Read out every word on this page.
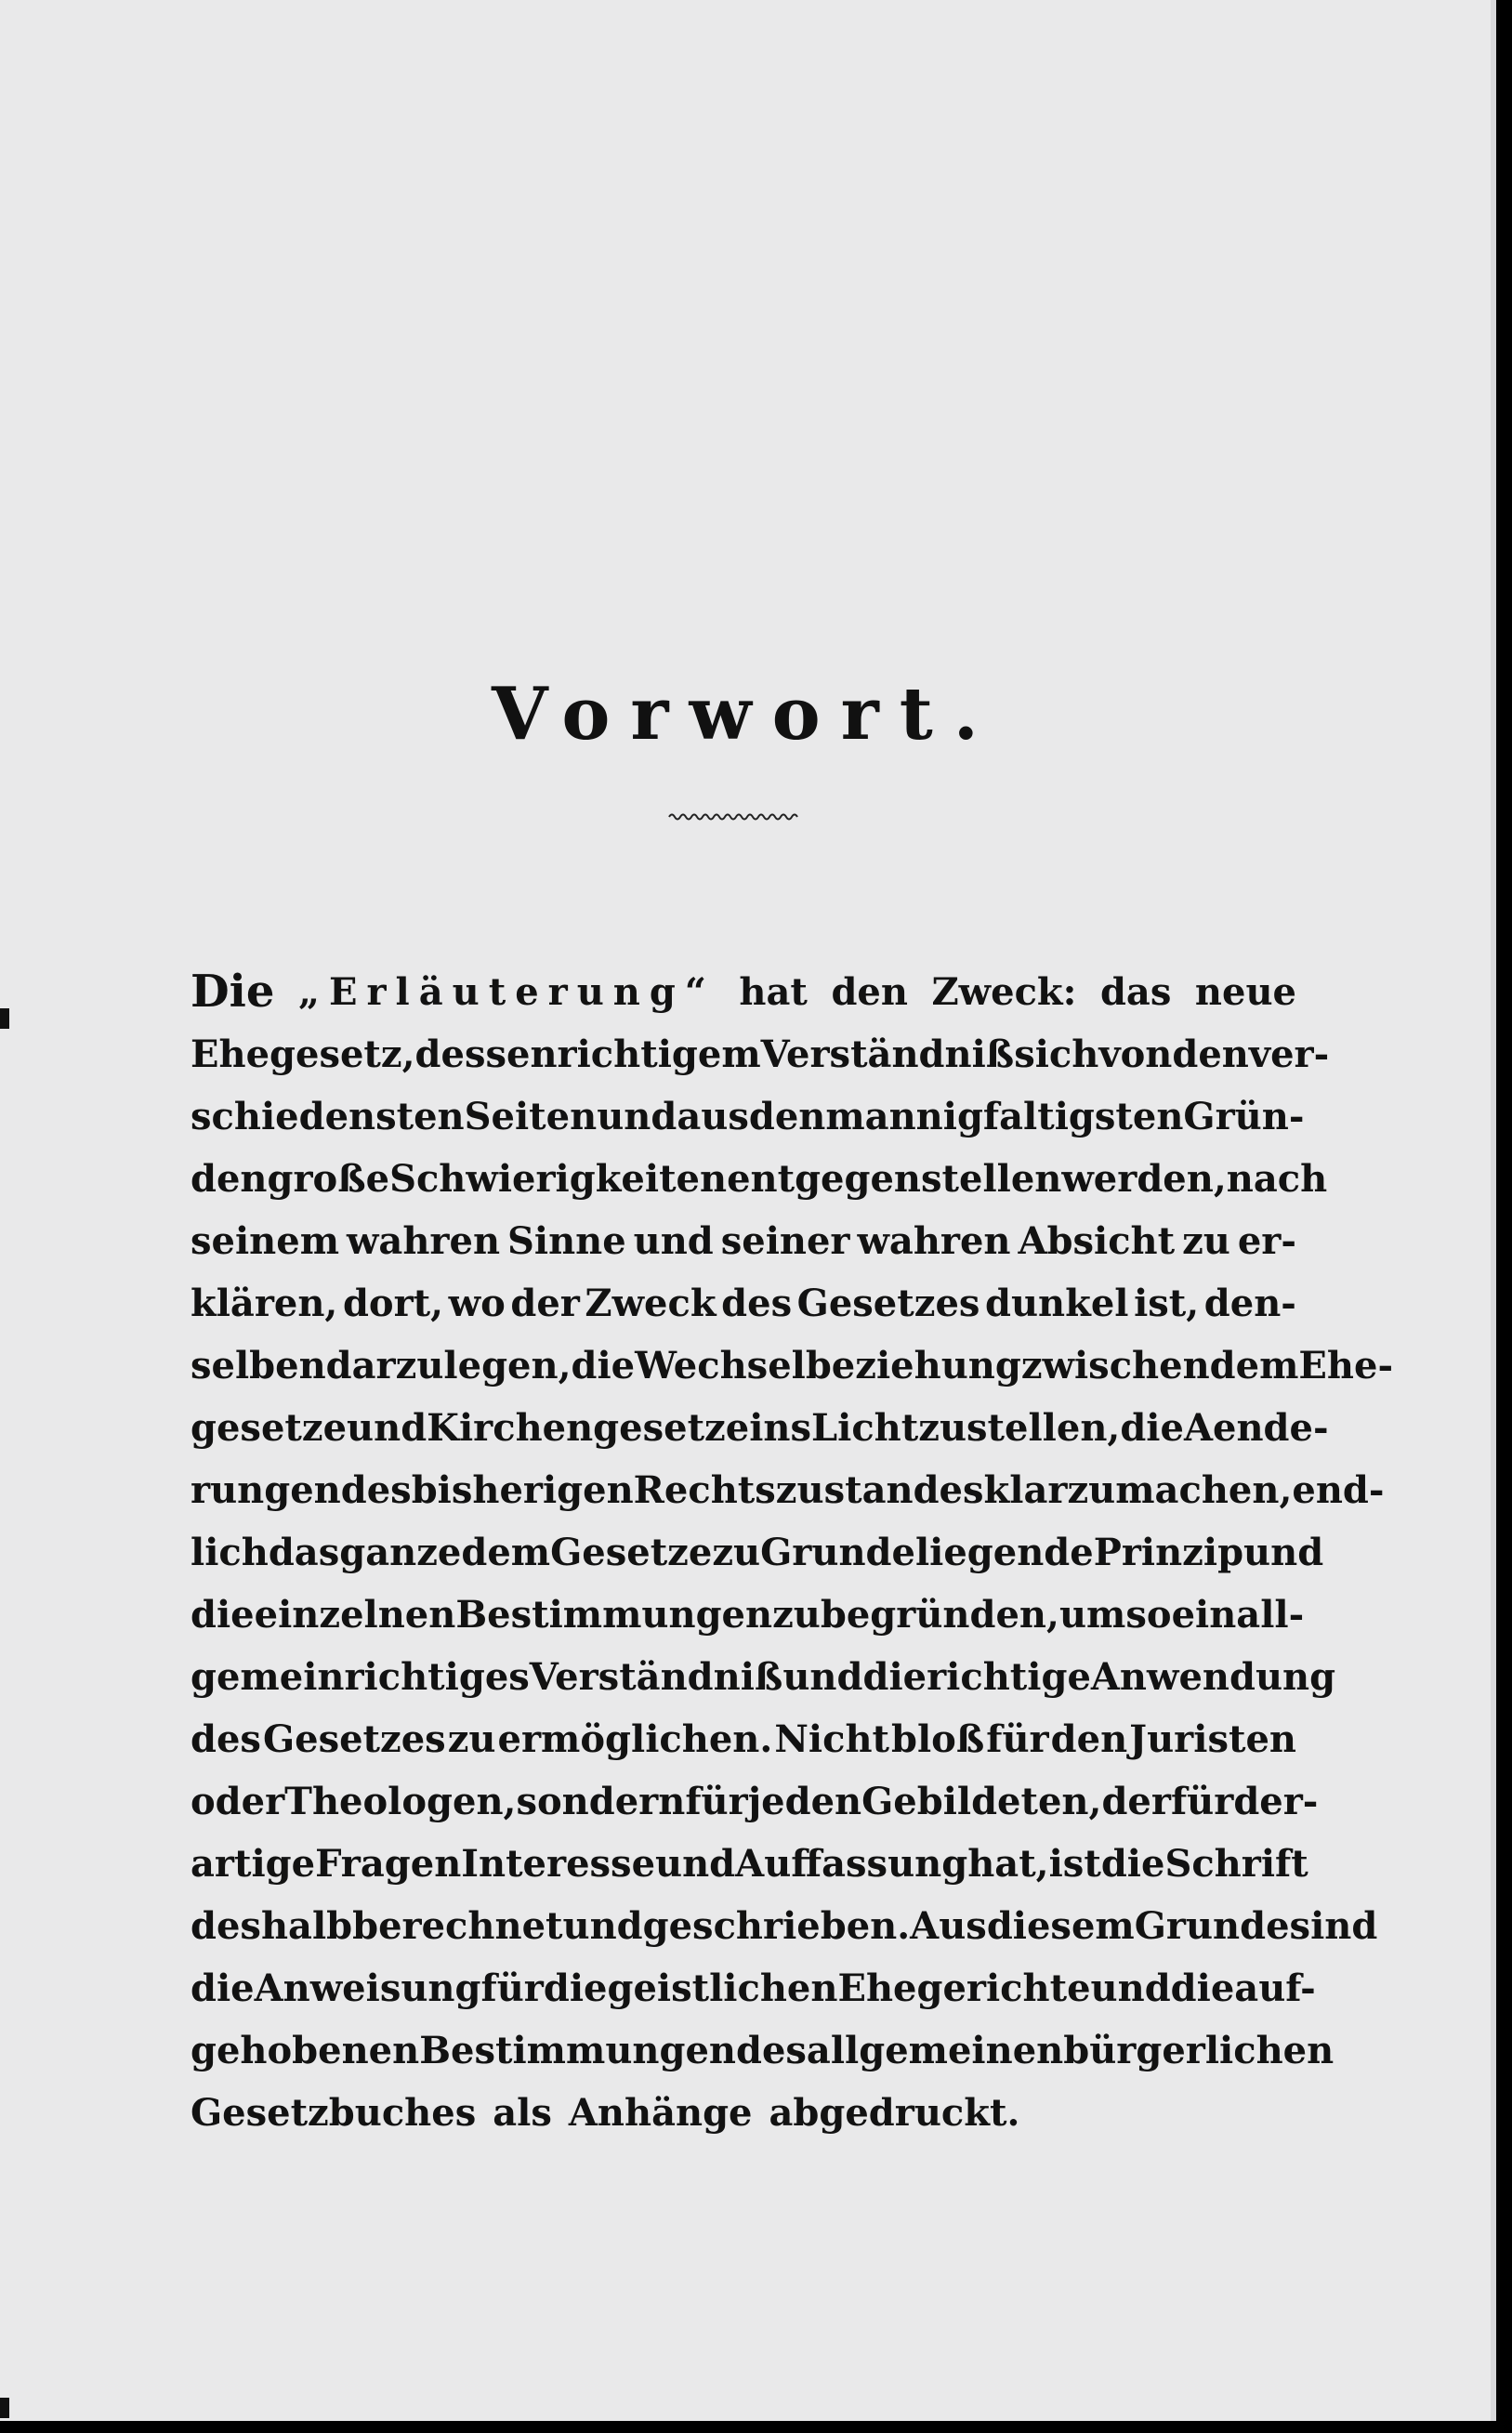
Vorwort.
Die „Erläuterung“ hat den Zweck: das neue
Ehegesetz, dessen richtigem Verständniß sich von den ver-
schiedensten Seiten und aus den mannigfaltigsten Grün-
den große Schwierigkeiten entgegenstellen werden, nach
seinem wahren Sinne und seiner wahren Absicht zu er-
klären, dort, wo der Zweck des Gesetzes dunkel ist, den-
selben darzulegen, die Wechselbeziehung zwischen dem Ehe-
gesetze und Kirchengesetze ins Licht zu stellen, die Aende-
rungen des bisherigen Rechtszustandes klar zu machen, end-
lich das ganze dem Gesetze zu Grunde liegende Prinzip und
die einzelnen Bestimmungen zu begründen, um so ein all-
gemein richtiges Verständniß und die richtige Anwendung
des Gesetzes zu ermöglichen. Nicht bloß für den Juristen
oder Theologen, sondern für jeden Gebildeten, der für der-
artige Fragen Interesse und Auffassung hat, ist die Schrift
deshalb berechnet und geschrieben. Aus diesem Grunde sind
die Anweisung für die geistlichen Ehegerichte und die auf-
gehobenen Bestimmungen des allgemeinen bürgerlichen
Gesetzbuches als Anhänge abgedruckt.
